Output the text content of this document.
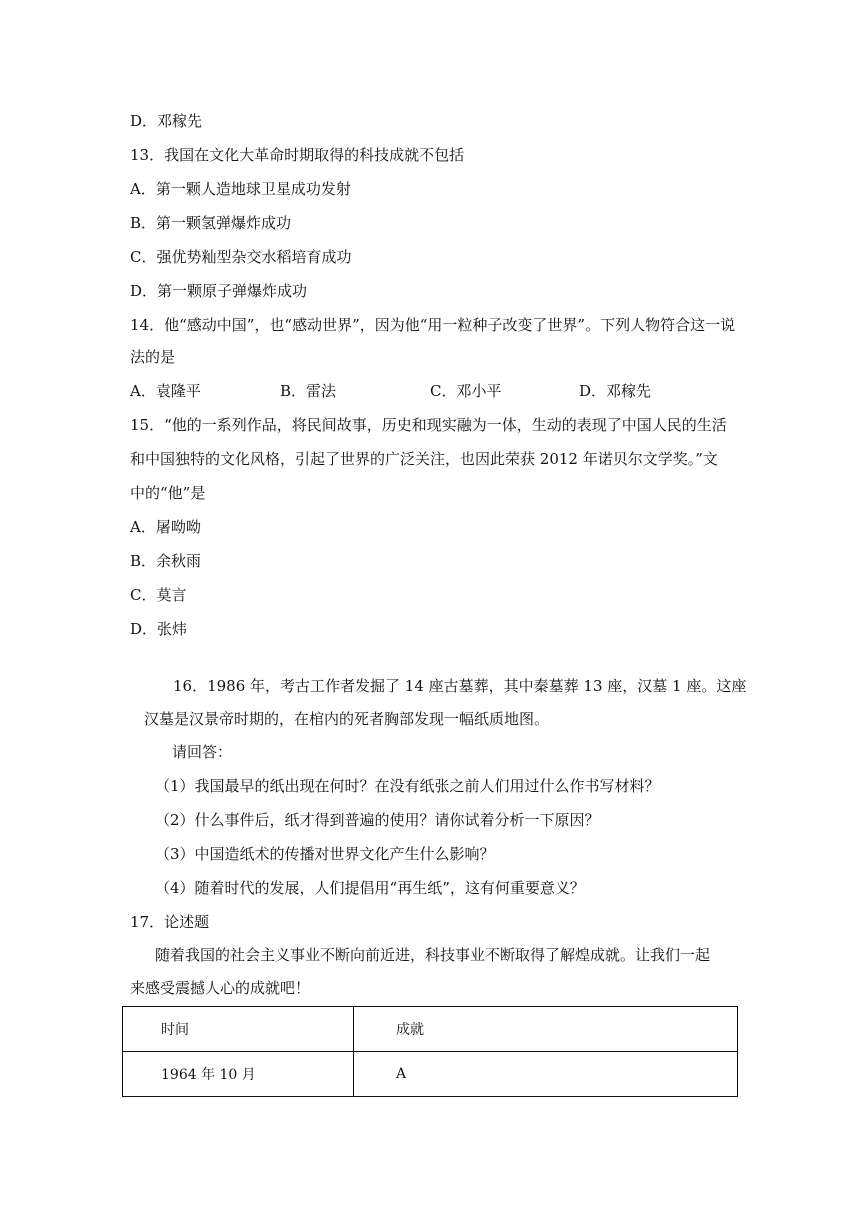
D．邓稼先
13．我国在文化大革命时期取得的科技成就不包括
A．第一颗人造地球卫星成功发射
B．第一颗氢弹爆炸成功
C．强优势籼型杂交水稻培育成功
D．第一颗原子弹爆炸成功
14．他“感动中国”，也“感动世界”，因为他“用一粒种子改变了世界”。下列人物符合这一说
法的是
A．袁隆平	B．雷法	C．邓小平	D．邓稼先
15．“他的一系列作品，将民间故事，历史和现实融为一体，生动的表现了中国人民的生活
和中国独特的文化风格，引起了世界的广泛关注，也因此荣获 2012 年诺贝尔文学奖。”文
中的“他”是
A．屠呦呦
B．余秋雨
C．莫言
D．张炜
16．1986 年，考古工作者发掘了 14 座古墓葬，其中秦墓葬 13 座，汉墓 1 座。这座
汉墓是汉景帝时期的，在棺内的死者胸部发现一幅纸质地图。
请回答：
（1）我国最早的纸出现在何时？在没有纸张之前人们用过什么作书写材料？
（2）什么事件后，纸才得到普遍的使用？请你试着分析一下原因？
（3）中国造纸术的传播对世界文化产生什么影响？
（4）随着时代的发展，人们提倡用“再生纸”，这有何重要意义？
17．论述题
随着我国的社会主义事业不断向前近进，科技事业不断取得了解煌成就。让我们一起
来感受震撼人心的成就吧！
时间	成就
1964 年 10 月	A
